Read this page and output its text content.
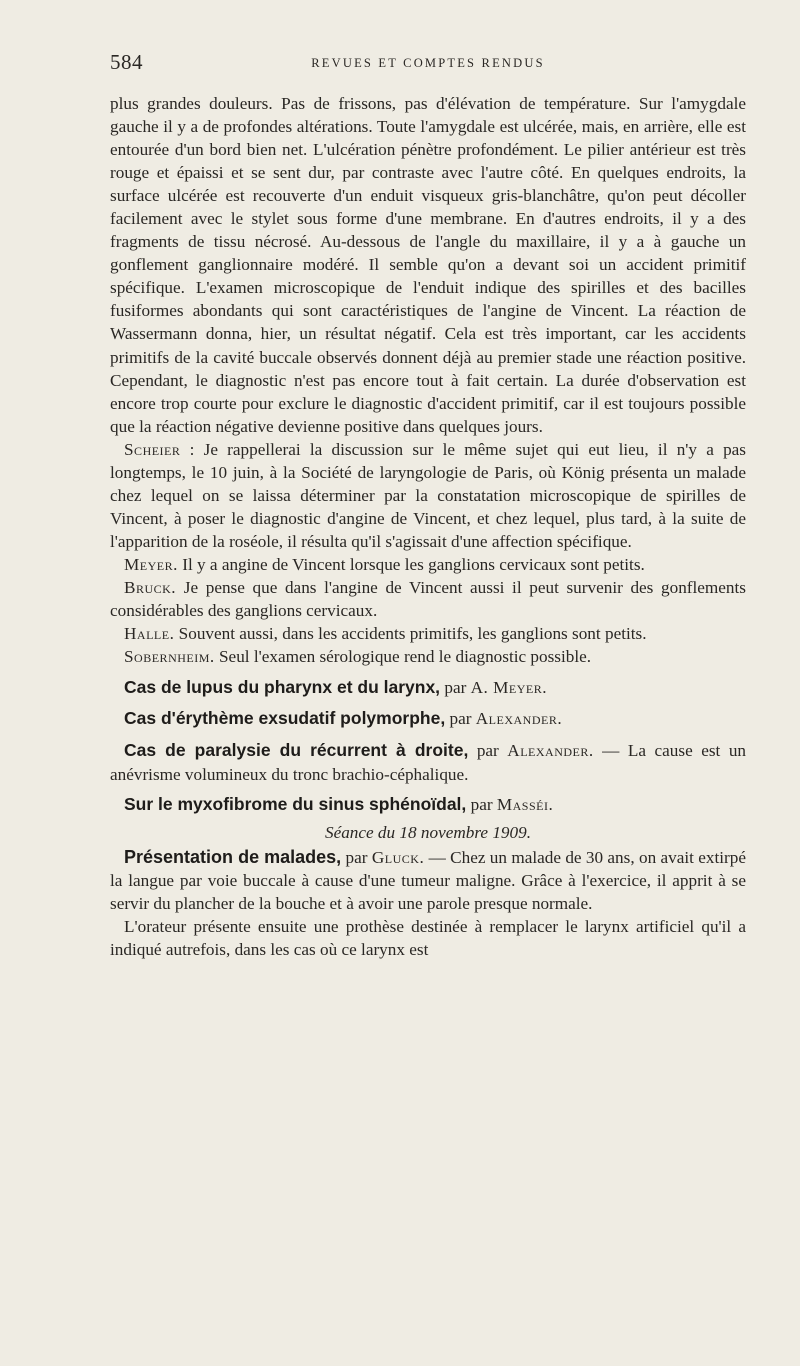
584	REVUES ET COMPTES RENDUS

plus grandes douleurs. Pas de frissons, pas d'élévation de température. Sur l'amygdale gauche il y a de profondes altérations. Toute l'amygdale est ulcérée, mais, en arrière, elle est entourée d'un bord bien net. L'ulcération pénètre profondément. Le pilier antérieur est très rouge et épaissi et se sent dur, par contraste avec l'autre côté. En quelques endroits, la surface ulcérée est recouverte d'un enduit visqueux gris-blanchâtre, qu'on peut décoller facilement avec le stylet sous forme d'une membrane. En d'autres endroits, il y a des fragments de tissu nécrosé. Au-dessous de l'angle du maxillaire, il y a à gauche un gonflement ganglionnaire modéré. Il semble qu'on a devant soi un accident primitif spécifique. L'examen microscopique de l'enduit indique des spirilles et des bacilles fusiformes abondants qui sont caractéristiques de l'angine de Vincent. La réaction de Wassermann donna, hier, un résultat négatif. Cela est très important, car les accidents primitifs de la cavité buccale observés donnent déjà au premier stade une réaction positive. Cependant, le diagnostic n'est pas encore tout à fait certain. La durée d'observation est encore trop courte pour exclure le diagnostic d'accident primitif, car il est toujours possible que la réaction négative devienne positive dans quelques jours.

Scheier : Je rappellerai la discussion sur le même sujet qui eut lieu, il n'y a pas longtemps, le 10 juin, à la Société de laryngologie de Paris, où König présenta un malade chez lequel on se laissa déterminer par la constatation microscopique de spirilles de Vincent, à poser le diagnostic d'angine de Vincent, et chez lequel, plus tard, à la suite de l'apparition de la roséole, il résulta qu'il s'agissait d'une affection spécifique.

Meyer. Il y a angine de Vincent lorsque les ganglions cervicaux sont petits.

Bruck. Je pense que dans l'angine de Vincent aussi il peut survenir des gonflements considérables des ganglions cervicaux.

Halle. Souvent aussi, dans les accidents primitifs, les ganglions sont petits.

Sobernheim. Seul l'examen sérologique rend le diagnostic possible.

Cas de lupus du pharynx et du larynx, par A. Meyer.

Cas d'érythème exsudatif polymorphe, par Alexander.

Cas de paralysie du récurrent à droite, par Alexander. — La cause est un anévrisme volumineux du tronc brachio-céphalique.

Sur le myxofibrome du sinus sphénoïdal, par Masséi.

Séance du 18 novembre 1909.

Présentation de malades, par Gluck. — Chez un malade de 30 ans, on avait extirpé la langue par voie buccale à cause d'une tumeur maligne. Grâce à l'exercice, il apprit à se servir du plancher de la bouche et à avoir une parole presque normale.

L'orateur présente ensuite une prothèse destinée à remplacer le larynx artificiel qu'il a indiqué autrefois, dans les cas où ce larynx est
